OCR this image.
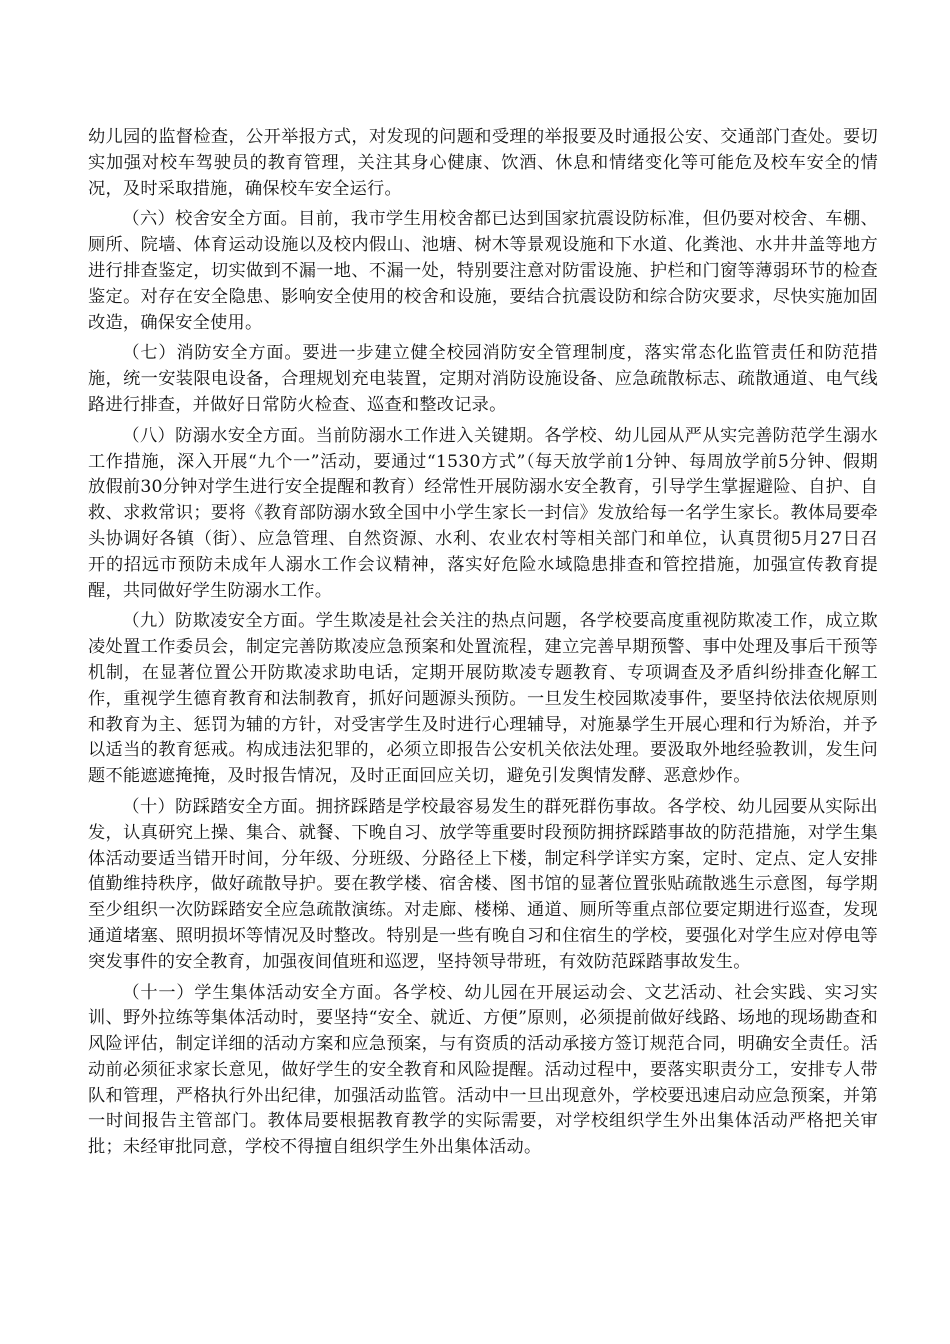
幼儿园的监督检查，公开举报方式，对发现的问题和受理的举报要及时通报公安、交通部门查处。要切实加强对校车驾驶员的教育管理，关注其身心健康、饮酒、休息和情绪变化等可能危及校车安全的情况，及时采取措施，确保校车安全运行。

（六）校舍安全方面。目前，我市学生用校舍都已达到国家抗震设防标准，但仍要对校舍、车棚、厕所、院墙、体育运动设施以及校内假山、池塘、树木等景观设施和下水道、化粪池、水井井盖等地方进行排查鉴定，切实做到不漏一地、不漏一处，特别要注意对防雷设施、护栏和门窗等薄弱环节的检查鉴定。对存在安全隐患、影响安全使用的校舍和设施，要结合抗震设防和综合防灾要求，尽快实施加固改造，确保安全使用。

（七）消防安全方面。要进一步建立健全校园消防安全管理制度，落实常态化监管责任和防范措施，统一安装限电设备，合理规划充电装置，定期对消防设施设备、应急疏散标志、疏散通道、电气线路进行排查，并做好日常防火检查、巡查和整改记录。

（八）防溺水安全方面。当前防溺水工作进入关键期。各学校、幼儿园从严从实完善防范学生溺水工作措施，深入开展“九个一”活动，要通过“1530方式”（每天放学前1分钟、每周放学前5分钟、假期放假前30分钟对学生进行安全提醒和教育）经常性开展防溺水安全教育，引导学生掌握避险、自护、自救、求救常识；要将《教育部防溺水致全国中小学生家长一封信》发放给每一名学生家长。教体局要牵头协调好各镇（街）、应急管理、自然资源、水利、农业农村等相关部门和单位，认真贯彻5月27日召开的招远市预防未成年人溺水工作会议精神，落实好危险水域隐患排查和管控措施，加强宣传教育提醒，共同做好学生防溺水工作。

（九）防欺凌安全方面。学生欺凌是社会关注的热点问题，各学校要高度重视防欺凌工作，成立欺凌处置工作委员会，制定完善防欺凌应急预案和处置流程，建立完善早期预警、事中处理及事后干预等机制，在显著位置公开防欺凌求助电话，定期开展防欺凌专题教育、专项调查及矛盾纠纷排查化解工作，重视学生德育教育和法制教育，抓好问题源头预防。一旦发生校园欺凌事件，要坚持依法依规原则和教育为主、惩罚为辅的方针，对受害学生及时进行心理辅导，对施暴学生开展心理和行为矫治，并予以适当的教育惩戒。构成违法犯罪的，必须立即报告公安机关依法处理。要汲取外地经验教训，发生问题不能遮遮掩掩，及时报告情况，及时正面回应关切，避免引发舆情发酵、恶意炒作。

（十）防踩踏安全方面。拥挤踩踏是学校最容易发生的群死群伤事故。各学校、幼儿园要从实际出发，认真研究上操、集合、就餐、下晚自习、放学等重要时段预防拥挤踩踏事故的防范措施，对学生集体活动要适当错开时间，分年级、分班级、分路径上下楼，制定科学详实方案，定时、定点、定人安排值勤维持秩序，做好疏散导护。要在教学楼、宿舍楼、图书馆的显著位置张贴疏散逃生示意图，每学期至少组织一次防踩踏安全应急疏散演练。对走廊、楼梯、通道、厕所等重点部位要定期进行巡查，发现通道堵塞、照明损坏等情况及时整改。特别是一些有晚自习和住宿生的学校，要强化对学生应对停电等突发事件的安全教育，加强夜间值班和巡逻，坚持领导带班，有效防范踩踏事故发生。

（十一）学生集体活动安全方面。各学校、幼儿园在开展运动会、文艺活动、社会实践、实习实训、野外拉练等集体活动时，要坚持“安全、就近、方便”原则，必须提前做好线路、场地的现场勘查和风险评估，制定详细的活动方案和应急预案，与有资质的活动承接方签订规范合同，明确安全责任。活动前必须征求家长意见，做好学生的安全教育和风险提醒。活动过程中，要落实职责分工，安排专人带队和管理，严格执行外出纪律，加强活动监管。活动中一旦出现意外，学校要迅速启动应急预案，并第一时间报告主管部门。教体局要根据教育教学的实际需要，对学校组织学生外出集体活动严格把关审批；未经审批同意，学校不得擅自组织学生外出集体活动。
